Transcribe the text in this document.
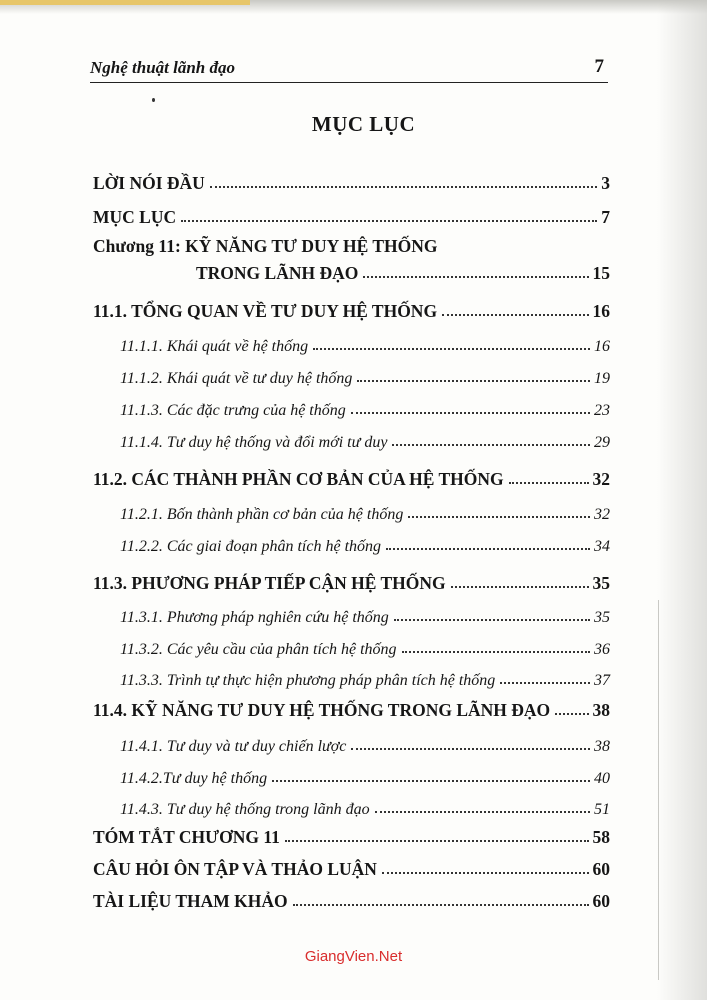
Nghệ thuật lãnh đạo	7
MỤC LỤC
LỜI NÓI ĐẦU	3
MỤC LỤC	7
Chương 11: KỸ NĂNG TƯ DUY HỆ THỐNG
TRONG LÃNH ĐẠO	15
11.1. TỔNG QUAN VỀ TƯ DUY HỆ THỐNG	16
11.1.1. Khái quát về hệ thống	16
11.1.2. Khái quát về tư duy hệ thống	19
11.1.3. Các đặc trưng của hệ thống	23
11.1.4. Tư duy hệ thống và đổi mới tư duy	29
11.2. CÁC THÀNH PHẦN CƠ BẢN CỦA HỆ THỐNG	32
11.2.1. Bốn thành phần cơ bản của hệ thống	32
11.2.2. Các giai đoạn phân tích hệ thống	34
11.3. PHƯƠNG PHÁP TIẾP CẬN HỆ THỐNG	35
11.3.1. Phương pháp nghiên cứu hệ thống	35
11.3.2. Các yêu cầu của phân tích hệ thống	36
11.3.3. Trình tự thực hiện phương pháp phân tích hệ thống	37
11.4. KỸ NĂNG TƯ DUY HỆ THỐNG TRONG LÃNH ĐẠO 38
11.4.1. Tư duy và tư duy chiến lược	38
11.4.2.Tư duy hệ thống	40
11.4.3. Tư duy hệ thống trong lãnh đạo	51
TÓM TẮT CHƯƠNG 11	58
CÂU HỎI ÔN TẬP VÀ THẢO LUẬN	60
TÀI LIỆU THAM KHẢO	60
GiangVien.Net
